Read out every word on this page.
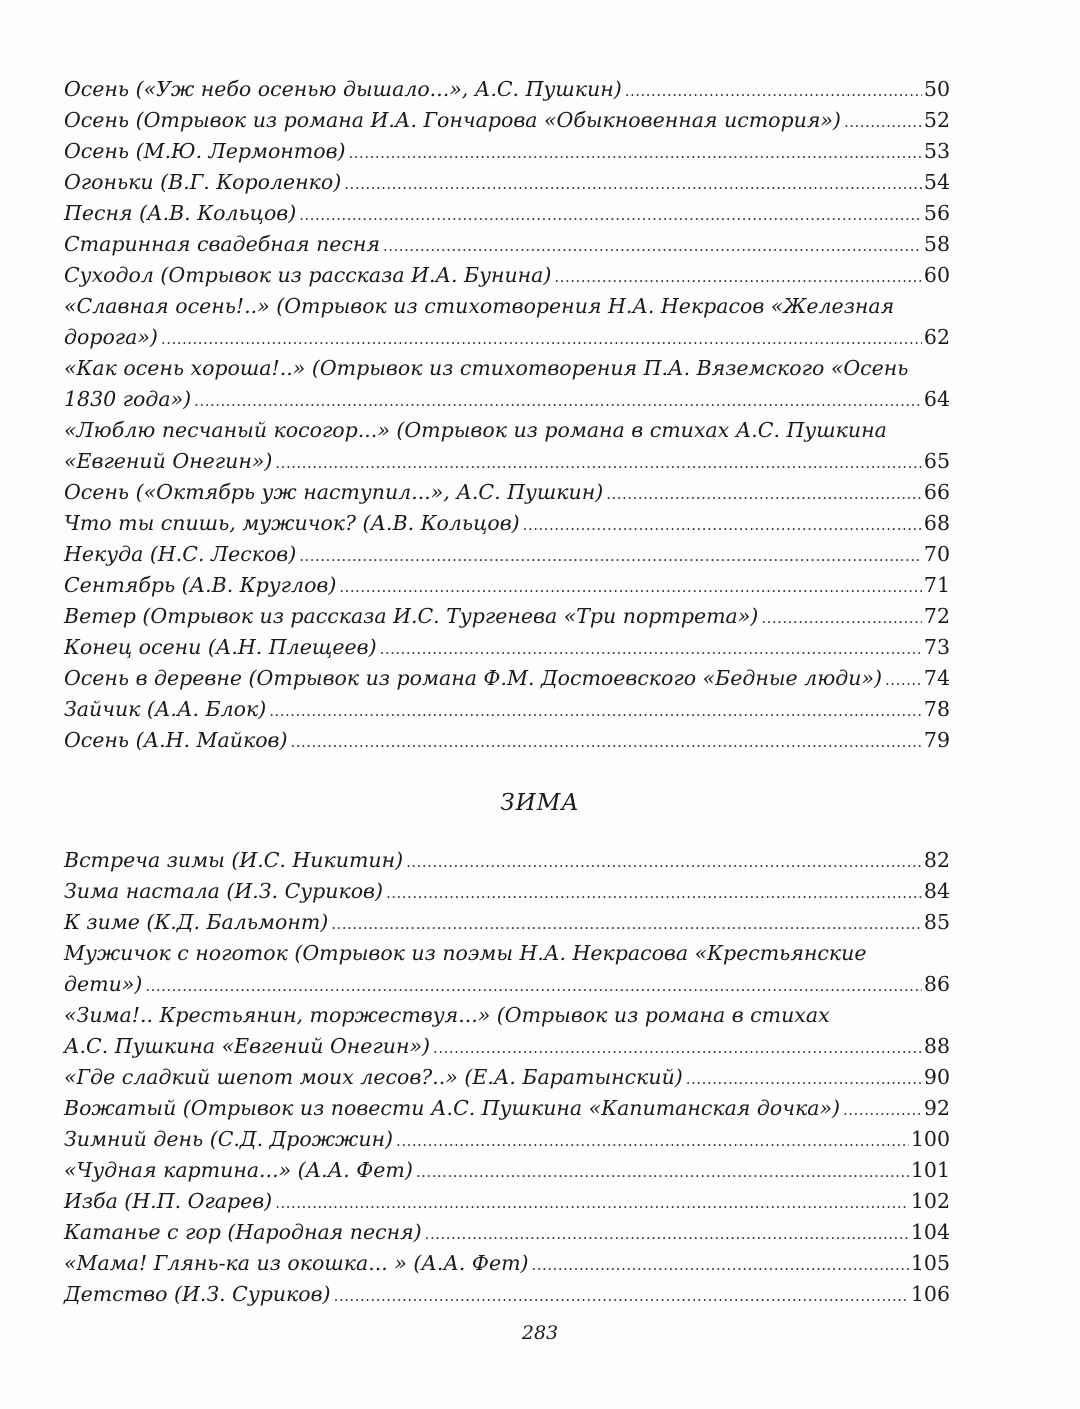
Осень («Уж небо осенью дышало...», А.С. Пушкин) .....	50
Осень (Отрывок из романа И.А. Гончарова «Обыкновенная история») .....	52
Осень (М.Ю. Лермонтов) .....	53
Огоньки (В.Г. Короленко) .....	54
Песня (А.В. Кольцов) .....	56
Старинная свадебная песня .....	58
Суходол (Отрывок из рассказа И.А. Бунина) .....	60
«Славная осень!..» (Отрывок из стихотворения Н.А. Некрасов «Железная
дорога») .....	62
«Как осень хороша!..» (Отрывок из стихотворения П.А. Вяземского «Осень
1830 года») .....	64
«Люблю песчаный косогор...» (Отрывок из романа в стихах А.С. Пушкина
«Евгений Онегин») .....	65
Осень («Октябрь уж наступил...», А.С. Пушкин) .....	66
Что ты спишь, мужичок? (А.В. Кольцов) .....	68
Некуда (Н.С. Лесков) .....	70
Сентябрь (А.В. Круглов) .....	71
Ветер (Отрывок из рассказа И.С. Тургенева «Три портрета») .....	72
Конец осени (А.Н. Плещеев) .....	73
Осень в деревне (Отрывок из романа Ф.М. Достоевского «Бедные люди») ..... 74
Зайчик (А.А. Блок) .....	78
Осень (А.Н. Майков) .....	79
ЗИМА
Встреча зимы (И.С. Никитин) .....	82
Зима настала (И.З. Суриков) .....	84
К зиме (К.Д. Бальмонт) .....	85
Мужичок с ноготок (Отрывок из поэмы Н.А. Некрасова «Крестьянские
дети») .....	86
«Зима!.. Крестьянин, торжествуя...» (Отрывок из романа в стихах
А.С. Пушкина «Евгений Онегин») .....	88
«Где сладкий шепот моих лесов?..» (Е.А. Баратынский) .....	90
Вожатый (Отрывок из повести А.С. Пушкина «Капитанская дочка») .....	92
Зимний день (С.Д. Дрожжин) .....	100
«Чудная картина...» (А.А. Фет) .....	101
Изба (Н.П. Огарев) .....	102
Катанье с гор (Народная песня) .....	104
«Мама! Глянь-ка из окошка... » (А.А. Фет) .....	105
Детство (И.З. Суриков) .....	106
283
